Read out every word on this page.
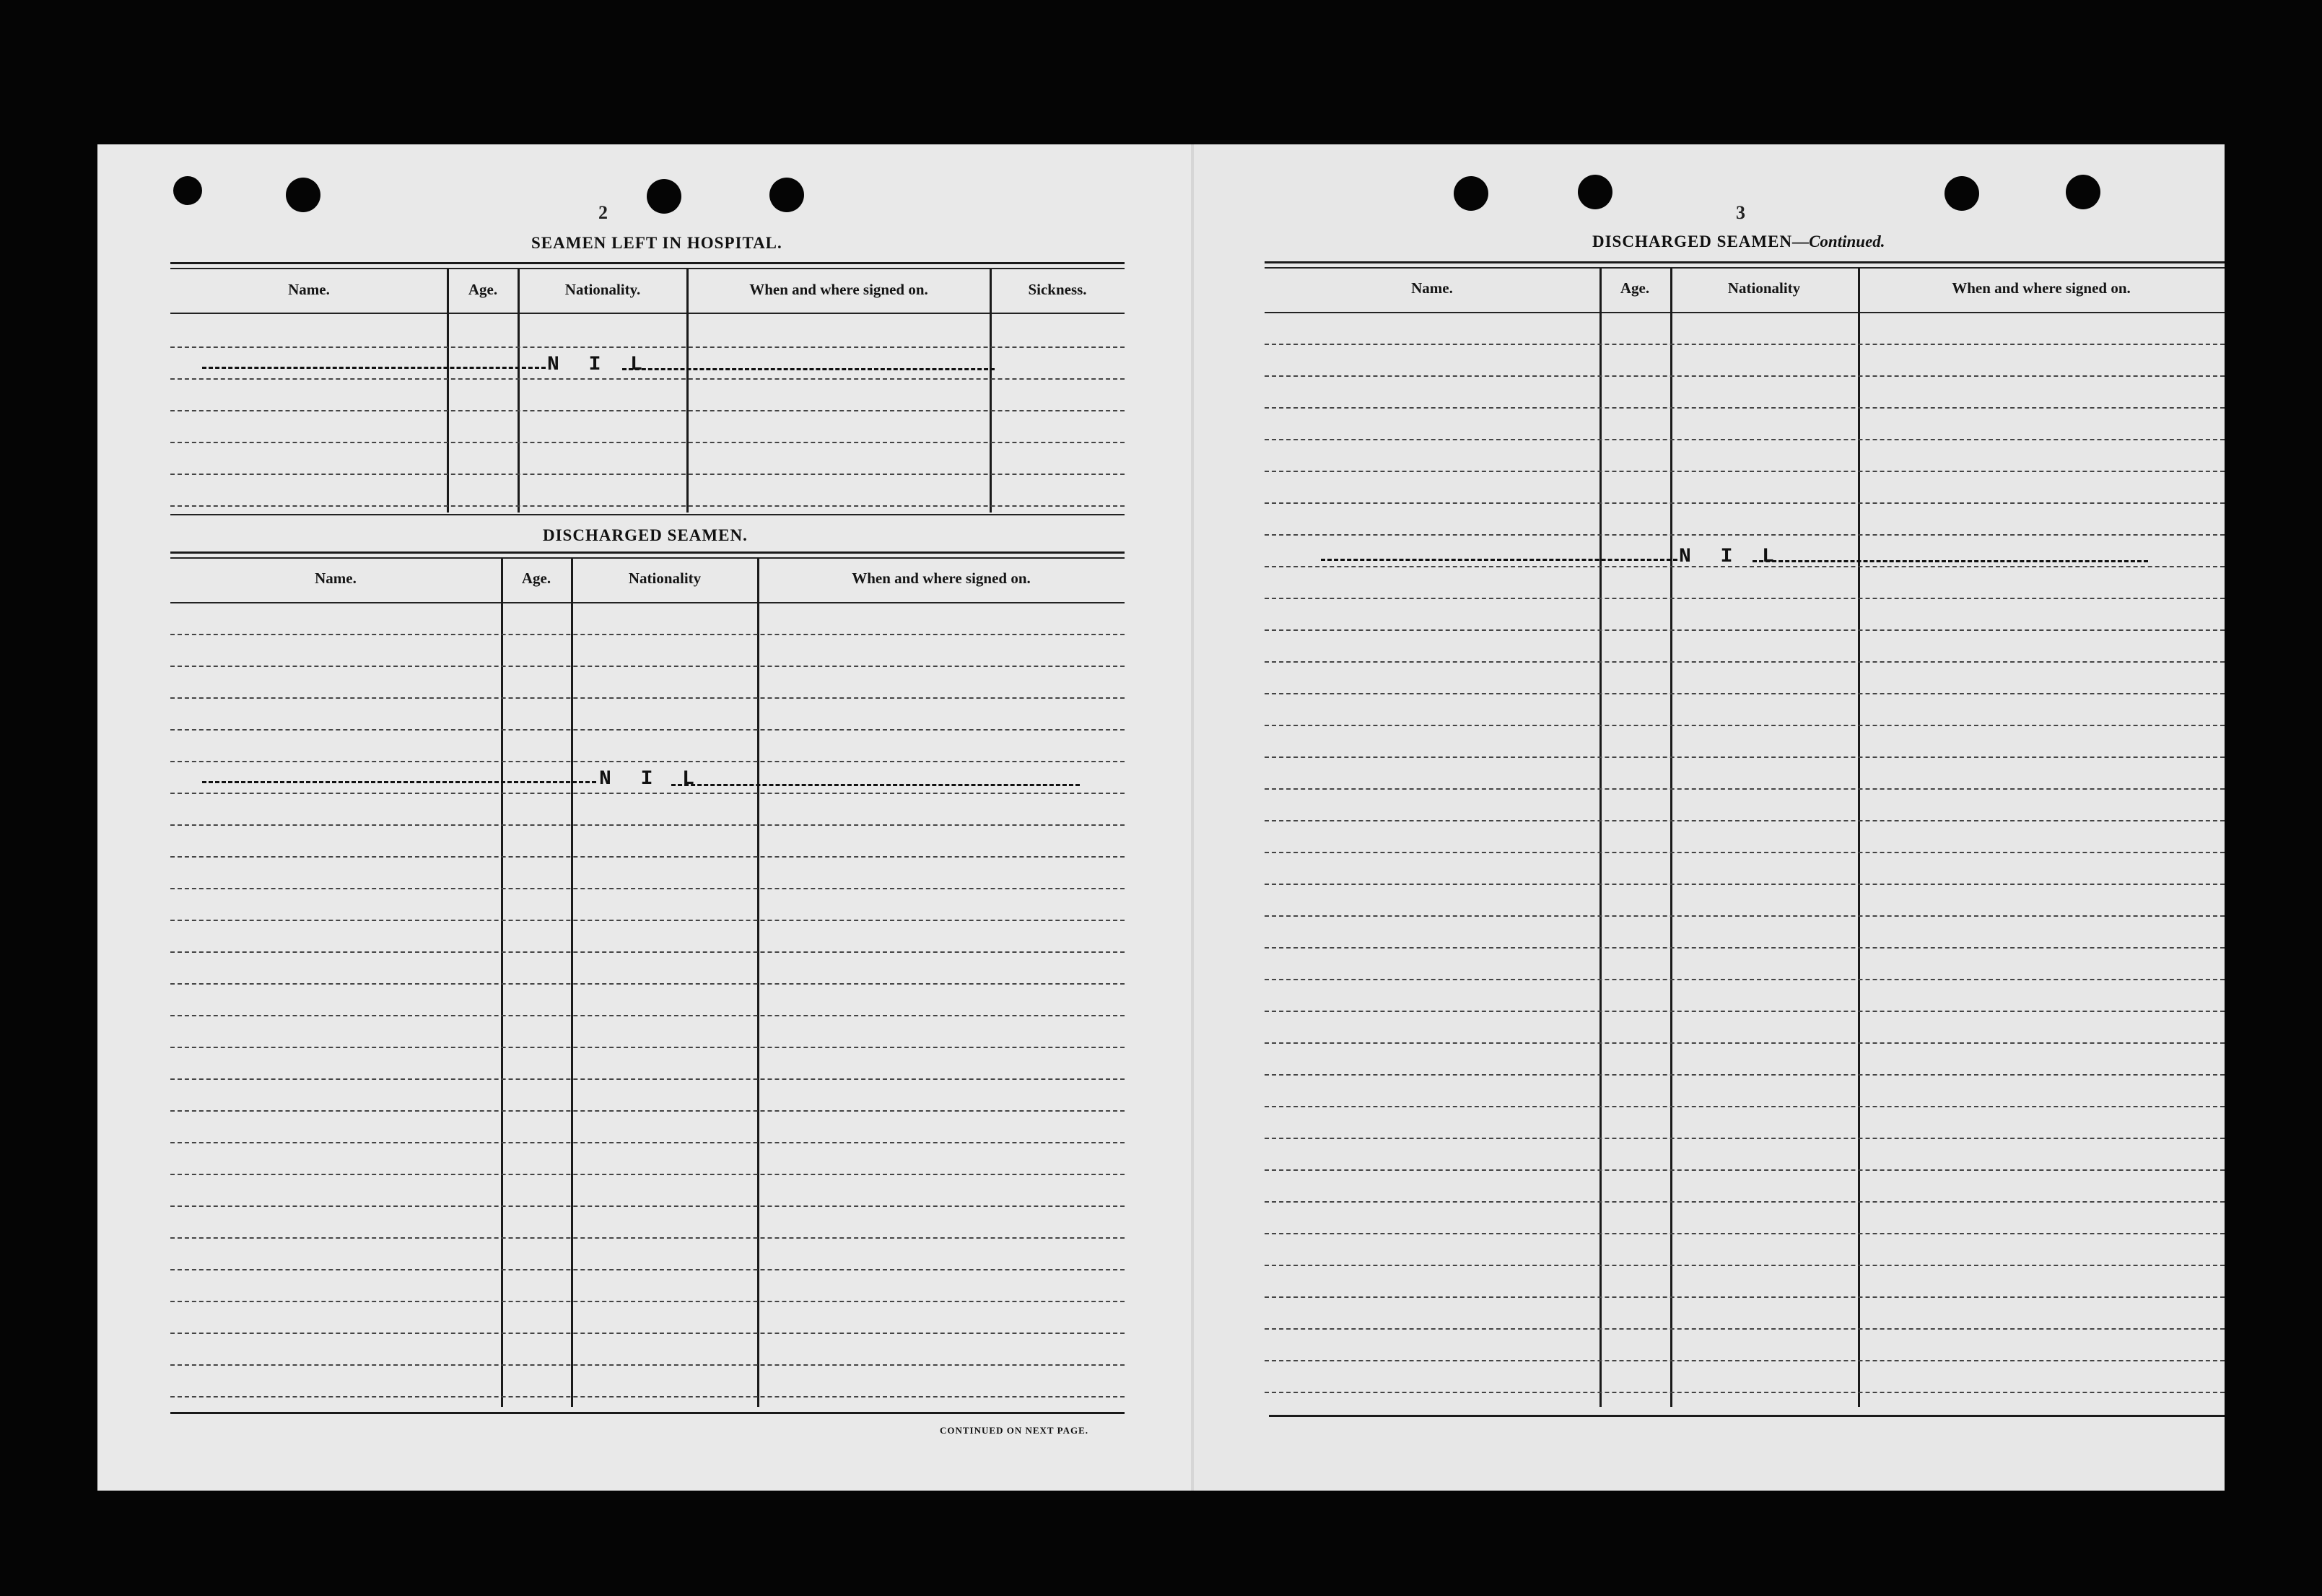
2
SEAMEN LEFT IN HOSPITAL.
Name.	Age.	Nationality.	When and where signed on.	Sickness.
N I L
DISCHARGED SEAMEN.
Name.	Age.	Nationality	When and where signed on.
N I L
CONTINUED ON NEXT PAGE.
3
DISCHARGED SEAMEN—Continued.
Name.	Age.	Nationality	When and where signed on.
N I L
